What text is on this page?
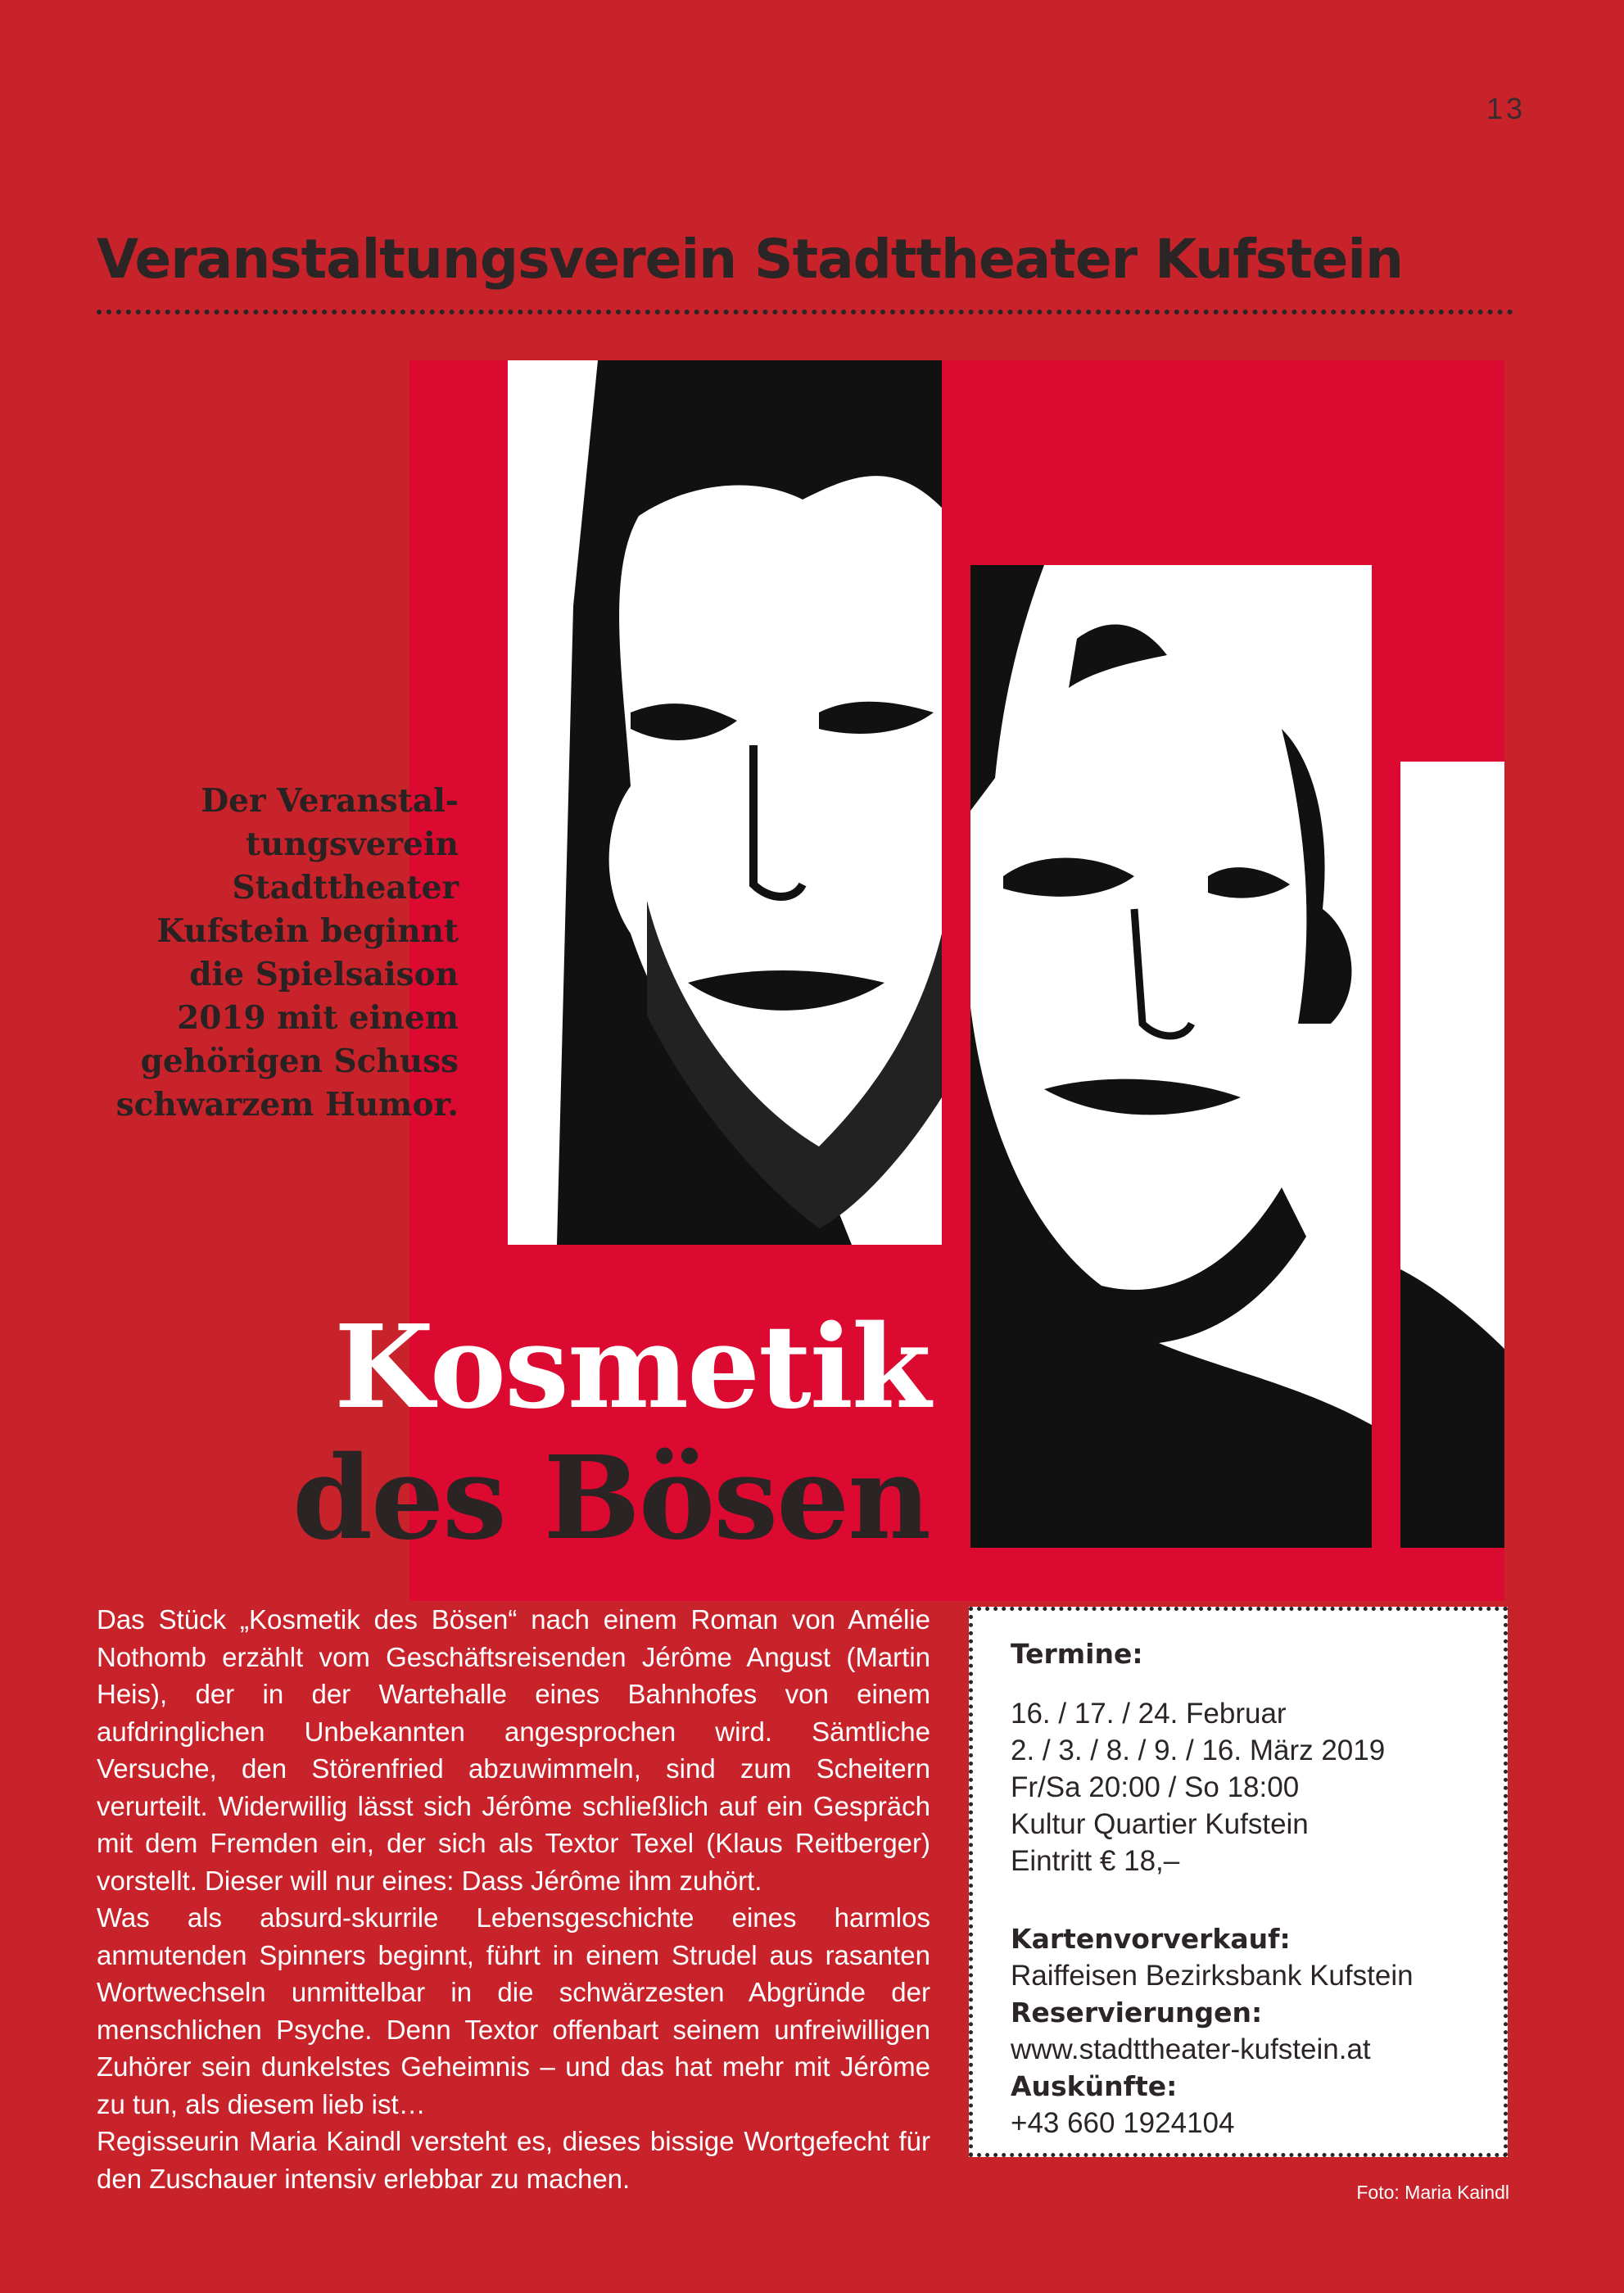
13
Veranstaltungsverein Stadttheater Kufstein
Der Veranstal-
tungsverein
Stadttheater
Kufstein beginnt
die Spielsaison
2019 mit einem
gehörigen Schuss
schwarzem Humor.
Kosmetik
des Bösen

Das Stück „Kosmetik des Bösen“ nach einem Roman von Amélie Nothomb erzählt vom Geschäftsreisenden Jérôme Angust (Martin Heis), der in der Wartehalle eines Bahnhofes von einem aufdringlichen Unbekannten angesprochen wird. Sämtliche Versuche, den Störenfried abzuwimmeln, sind zum Scheitern verurteilt. Widerwillig lässt sich Jérôme schließlich auf ein Gespräch mit dem Fremden ein, der sich als Textor Texel (Klaus Reitberger) vorstellt. Dieser will nur eines: Dass Jérôme ihm zuhört.

Was als absurd-skurrile Lebensgeschichte eines harmlos anmutenden Spinners beginnt, führt in einem Strudel aus rasanten Wortwechseln unmittelbar in die schwärzesten Abgründe der menschlichen Psyche. Denn Textor offenbart seinem unfreiwilligen Zuhörer sein dunkelstes Geheimnis – und das hat mehr mit Jérôme zu tun, als diesem lieb ist…

Regisseurin Maria Kaindl versteht es, dieses bissige Wortgefecht für den Zuschauer intensiv erlebbar zu machen.

Termine:
16. / 17. / 24. Februar
2. / 3. / 8. / 9. / 16. März 2019
Fr/Sa 20:00 / So 18:00
Kultur Quartier Kufstein
Eintritt € 18,–
Kartenvorverkauf:
Raiffeisen Bezirksbank Kufstein
Reservierungen:
www.stadttheater-kufstein.at
Auskünfte:
+43 660 1924104
Foto: Maria Kaindl
